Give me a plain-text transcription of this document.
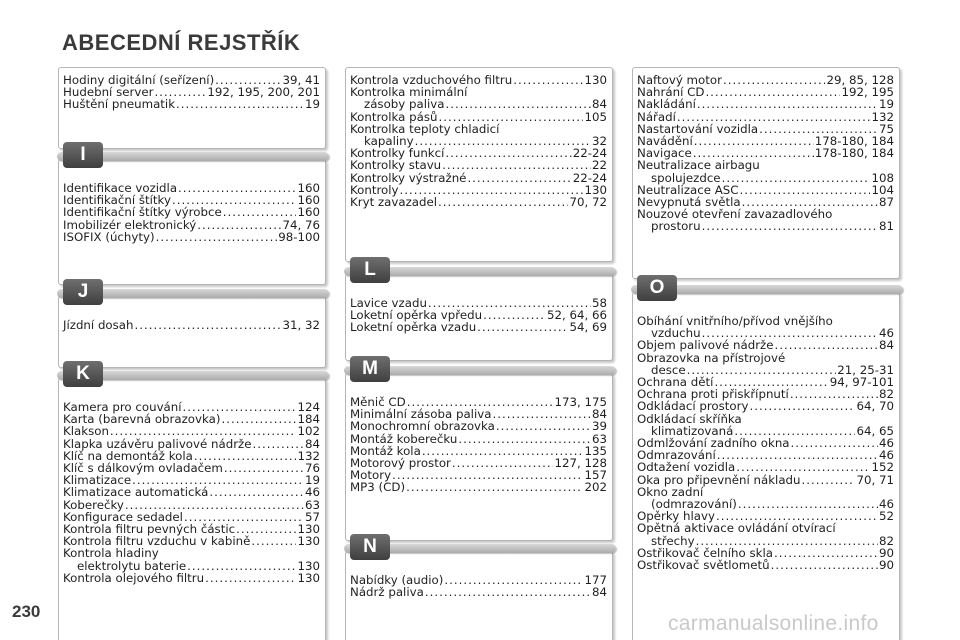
ABECEDNÍ REJSTŘÍK
Hodiny digitální (seřízení) .....	39, 41
Hudební server .....	192, 195, 200, 201
Huštění pneumatik .....	19
I
Identifikace vozidla .....	160
Identifikační štítky .....	160
Identifikační štítky výrobce .....	160
Imobilizér elektronický .....	74, 76
ISOFIX (úchyty) .....	98-100
J
Jízdní dosah .....	31, 32
K
Kamera pro couvání .....	124
Karta (barevná obrazovka) .....	184
Klakson .....	102
Klapka uzávěru palivové nádrže .....	84
Klíč na demontáž kola .....	132
Klíč s dálkovým ovladačem .....	76
Klimatizace .....	19
Klimatizace automatická .....	46
Koberečky .....	63
Konfigurace sedadel .....	57
Kontrola filtru pevných částic .....	130
Kontrola filtru vzduchu v kabině .....	130
Kontrola hladiny
elektrolytu baterie .....	130
Kontrola olejového filtru .....	130
Kontrola vzduchového filtru .....	130
Kontrolka minimální
zásoby paliva .....	84
Kontrolka pásů .....	105
Kontrolka teploty chladicí
kapaliny .....	32
Kontrolky funkcí .....	22-24
Kontrolky stavu .....	22
Kontrolky výstražné .....	22-24
Kontroly .....	130
Kryt zavazadel .....	70, 72
L
Lavice vzadu .....	58
Loketní opěrka vpředu .....	52, 64, 66
Loketní opěrka vzadu .....	54, 69
M
Měnič CD .....	173, 175
Minimální zásoba paliva .....	84
Monochromní obrazovka .....	39
Montáž koberečku .....	63
Montáž kola .....	135
Motorový prostor .....	127, 128
Motory .....	157
MP3 (CD) .....	202
N
Nabídky (audio) .....	177
Nádrž paliva .....	84
Naftový motor .....	29, 85, 128
Nahrání CD .....	192, 195
Nakládání .....	19
Nářadí .....	132
Nastartování vozidla .....	75
Navádění .....	178-180, 184
Navigace .....	178-180, 184
Neutralizace airbagu
spolujezdce .....	108
Neutralizace ASC .....	104
Nevypnutá světla .....	87
Nouzové otevření zavazadlového
prostoru .....	81
O
Obíhání vnitřního/přívod vnějšího
vzduchu .....	46
Objem palivové nádrže .....	84
Obrazovka na přístrojové
desce .....	21, 25-31
Ochrana dětí .....	94, 97-101
Ochrana proti přiskřípnutí .....	82
Odkládací prostory .....	64, 70
Odkládací skříňka
klimatizovaná .....	64, 65
Odmlžování zadního okna .....	46
Odmrazování .....	46
Odtažení vozidla .....	152
Oka pro připevnění nákladu .....	70, 71
Okno zadní
(odmrazování) .....	46
Opěrky hlavy .....	52
Opětná aktivace ovládání otvírací
střechy .....	82
Ostřikovač čelního skla .....	90
Ostřikovač světlometů .....	90
230
carmanualsonline.info
